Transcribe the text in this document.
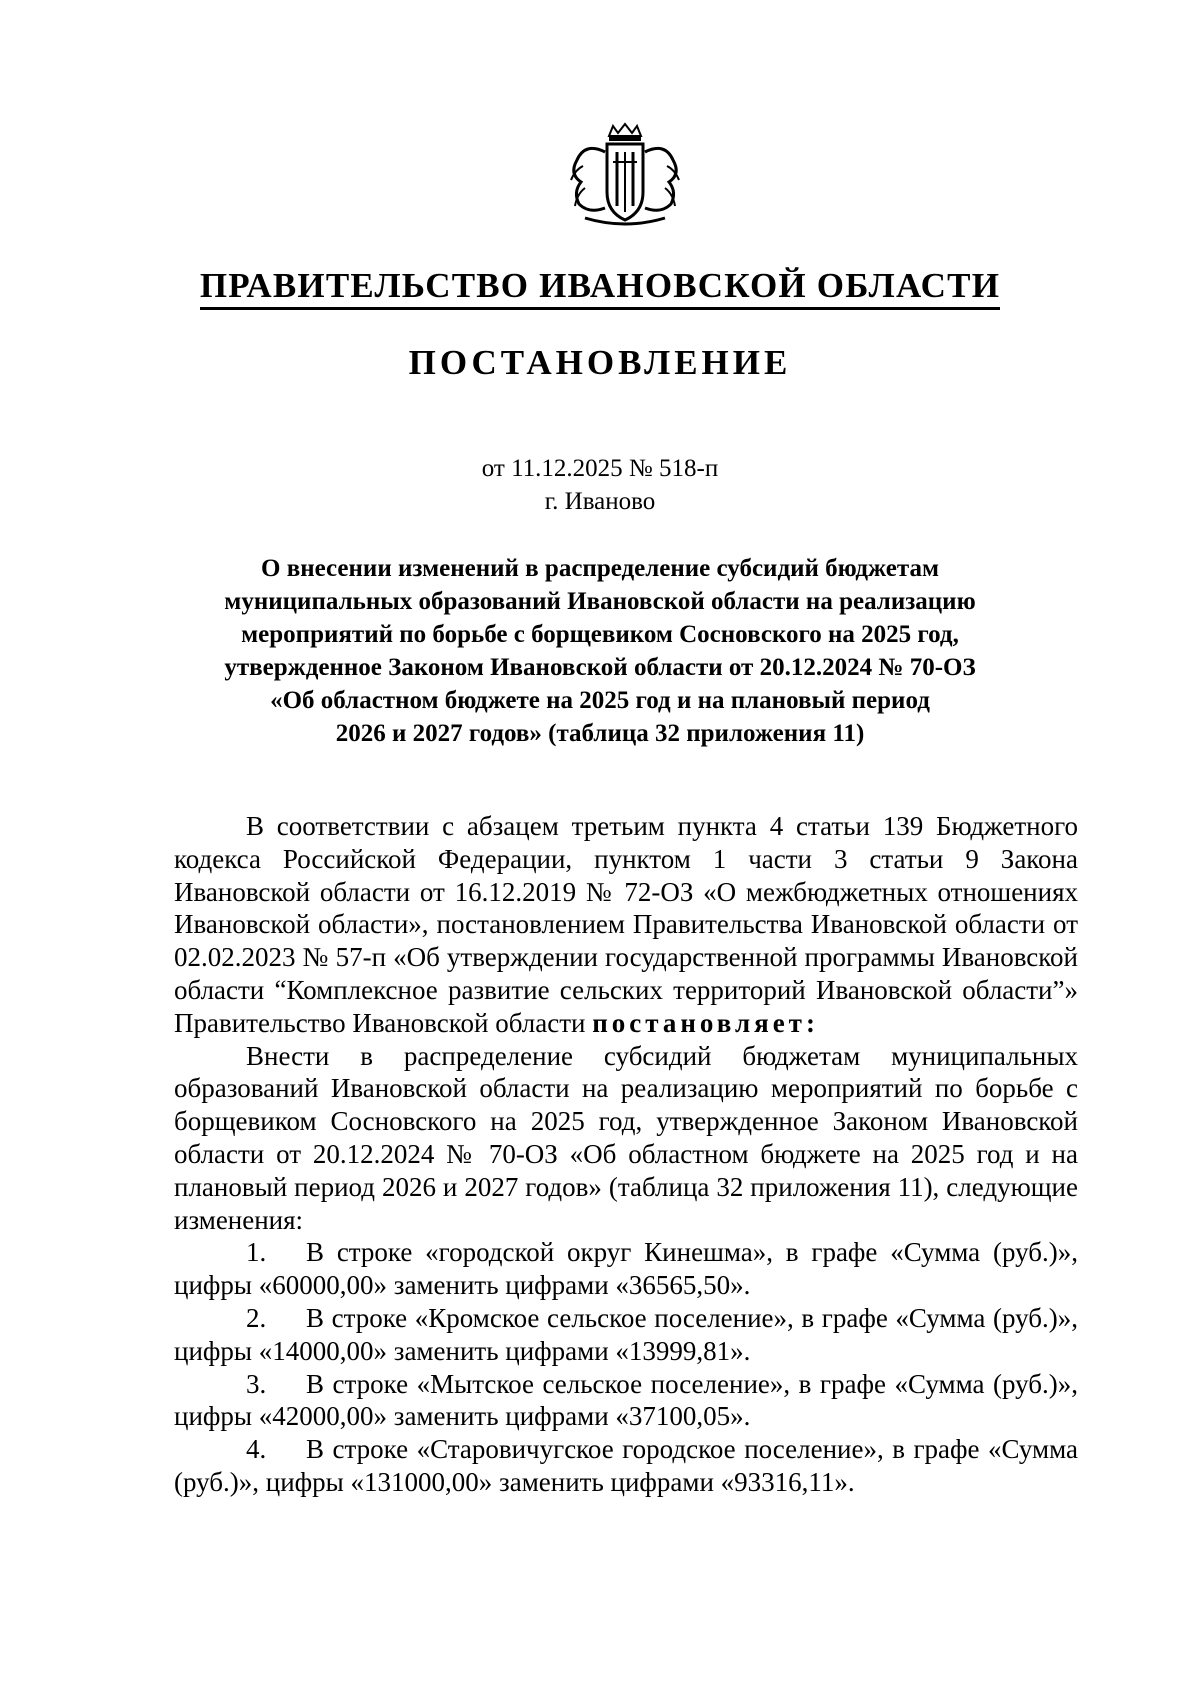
ПРАВИТЕЛЬСТВО ИВАНОВСКОЙ ОБЛАСТИ
ПОСТАНОВЛЕНИЕ
от 11.12.2025 № 518-п
г. Иваново
О внесении изменений в распределение субсидий бюджетам
муниципальных образований Ивановской области на реализацию
мероприятий по борьбе с борщевиком Сосновского на 2025 год,
утвержденное Законом Ивановской области от 20.12.2024 № 70-ОЗ
«Об областном бюджете на 2025 год и на плановый период
2026 и 2027 годов» (таблица 32 приложения 11)

В соответствии с абзацем третьим пункта 4 статьи 139 Бюджетного кодекса Российской Федерации, пунктом 1 части 3 статьи 9 Закона Ивановской области от 16.12.2019 № 72-ОЗ «О межбюджетных отношениях Ивановской области», постановлением Правительства Ивановской области от 02.02.2023 № 57-п «Об утверждении государственной программы Ивановской области “Комплексное развитие сельских территорий Ивановской области”» Правительство Ивановской области постановляет:

Внести в распределение субсидий бюджетам муниципальных образований Ивановской области на реализацию мероприятий по борьбе с борщевиком Сосновского на 2025 год, утвержденное Законом Ивановской области от 20.12.2024 № 70-ОЗ «Об областном бюджете на 2025 год и на плановый период 2026 и 2027 годов» (таблица 32 приложения 11), следующие изменения:

1. В строке «городской округ Кинешма», в графе «Сумма (руб.)», цифры «60000,00» заменить цифрами «36565,50».

2. В строке «Кромское сельское поселение», в графе «Сумма (руб.)», цифры «14000,00» заменить цифрами «13999,81».

3. В строке «Мытское сельское поселение», в графе «Сумма (руб.)», цифры «42000,00» заменить цифрами «37100,05».

4. В строке «Старовичугское городское поселение», в графе «Сумма (руб.)», цифры «131000,00» заменить цифрами «93316,11».
